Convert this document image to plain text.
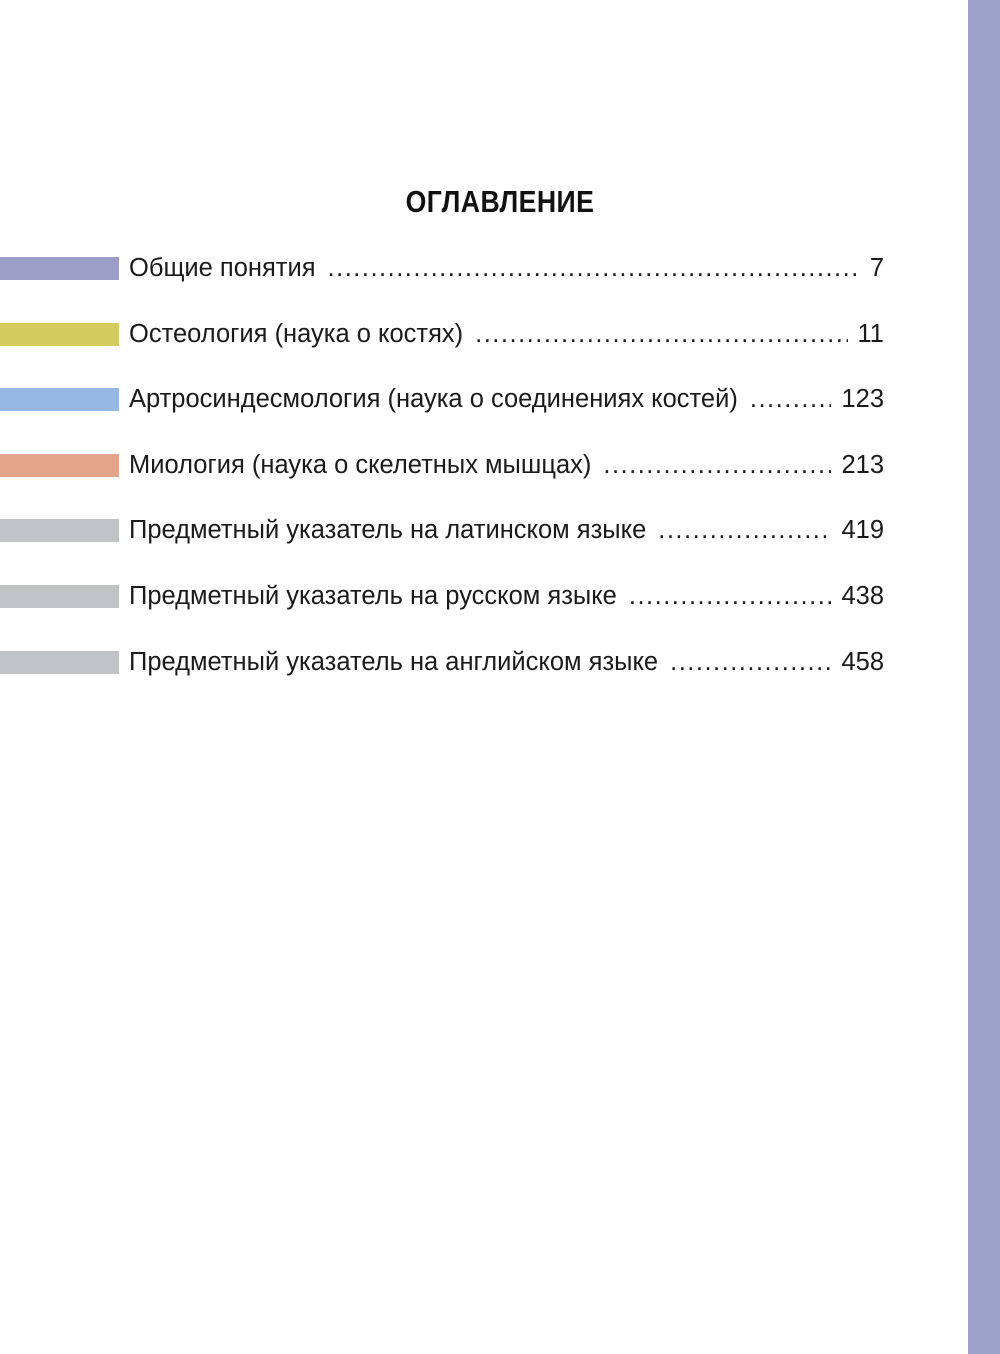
ОГЛАВЛЕНИЕ
Общие понятия .....	7
Остеология (наука о костях) .....	11
Артросиндесмология (наука о соединениях костей) .....	123
Миология (наука о скелетных мышцах) .....	213
Предметный указатель на латинском языке .....	419
Предметный указатель на русском языке .....	438
Предметный указатель на английском языке .....	458
